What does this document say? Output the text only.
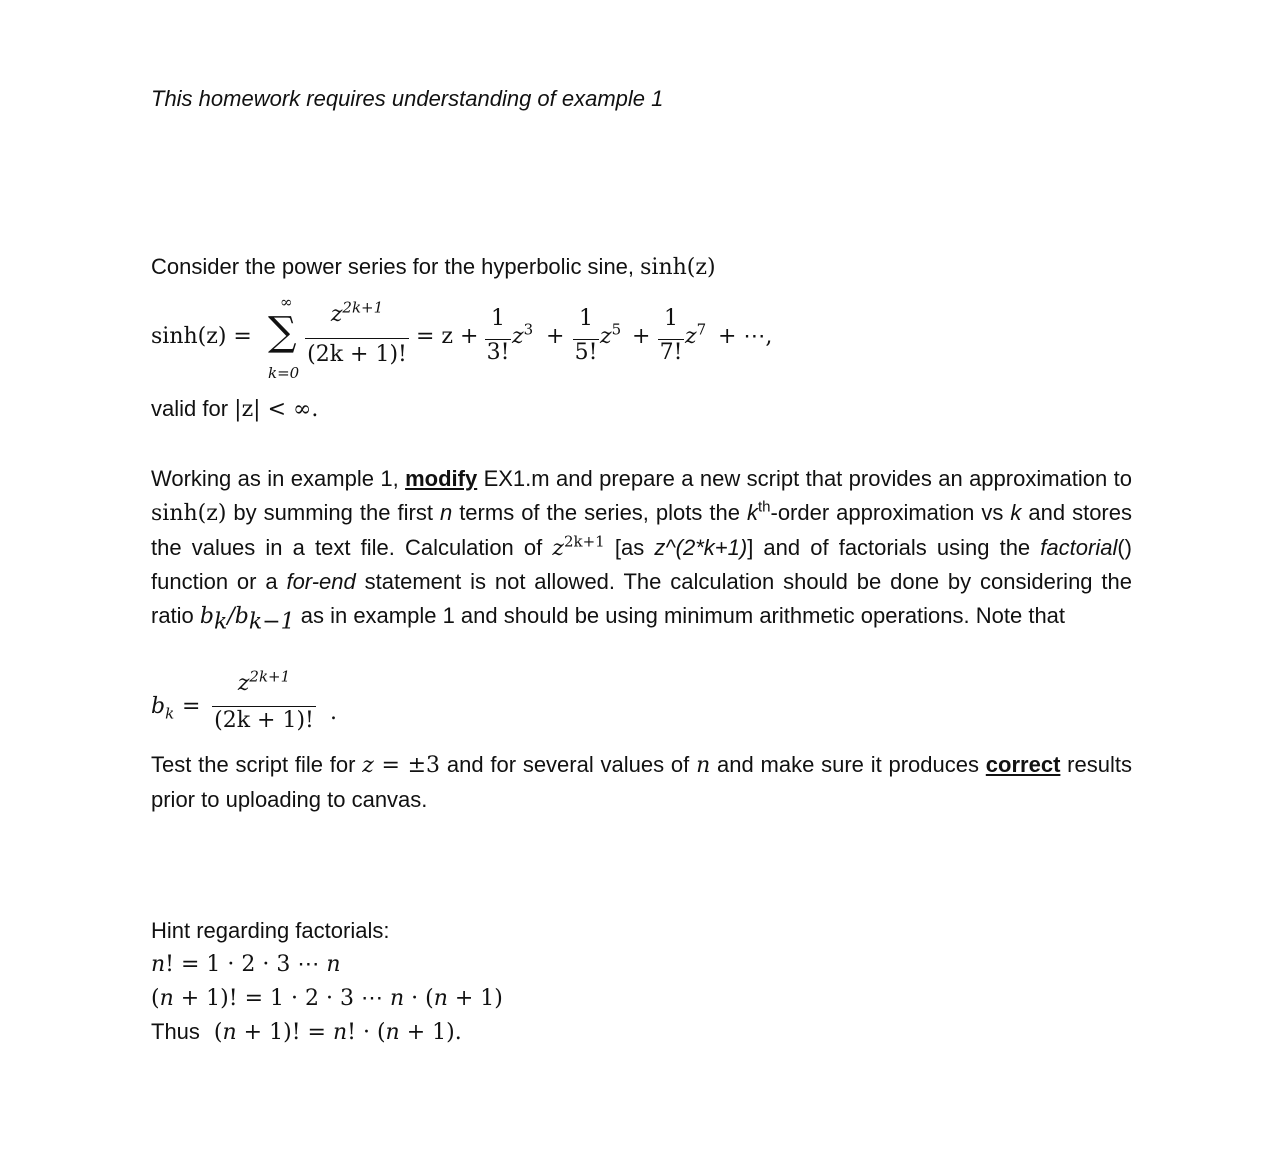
This homework requires understanding of example 1
Consider the power series for the hyperbolic sine, sinh(z)
sinh(z) =
∞
∑
k=0
$z^{2k+1}$
(2k + 1)!
= z +
1
3!
$z^3$ +
1
5!
$z^5$ +
1
7!
$z^7$ + ⋯,
valid for |z| < ∞.
Working as in example 1, modify EX1.m and prepare a new script that provides an approximation to sinh(z) by summing the first n terms of the series, plots the $k^{th}$-order approximation vs k and stores the values in a text file. Calculation of $z^{2k+1}$ [as z^(2*k+1)] and of factorials using the factorial() function or a for-end statement is not allowed. The calculation should be done by considering the ratio $b_k/b_{k-1}$ as in example 1 and should be using minimum arithmetic operations. Note that
$b_k$ =
$z^{2k+1}$
(2k + 1)! .
Test the script file for z = ±3 and for several values of n and make sure it produces correct results prior to uploading to canvas.
Hint regarding factorials:
n! = 1 · 2 · 3 ⋯ n
(n + 1)! = 1 · 2 · 3 ⋯ n · (n + 1)
Thus (n + 1)! = n! · (n + 1).
